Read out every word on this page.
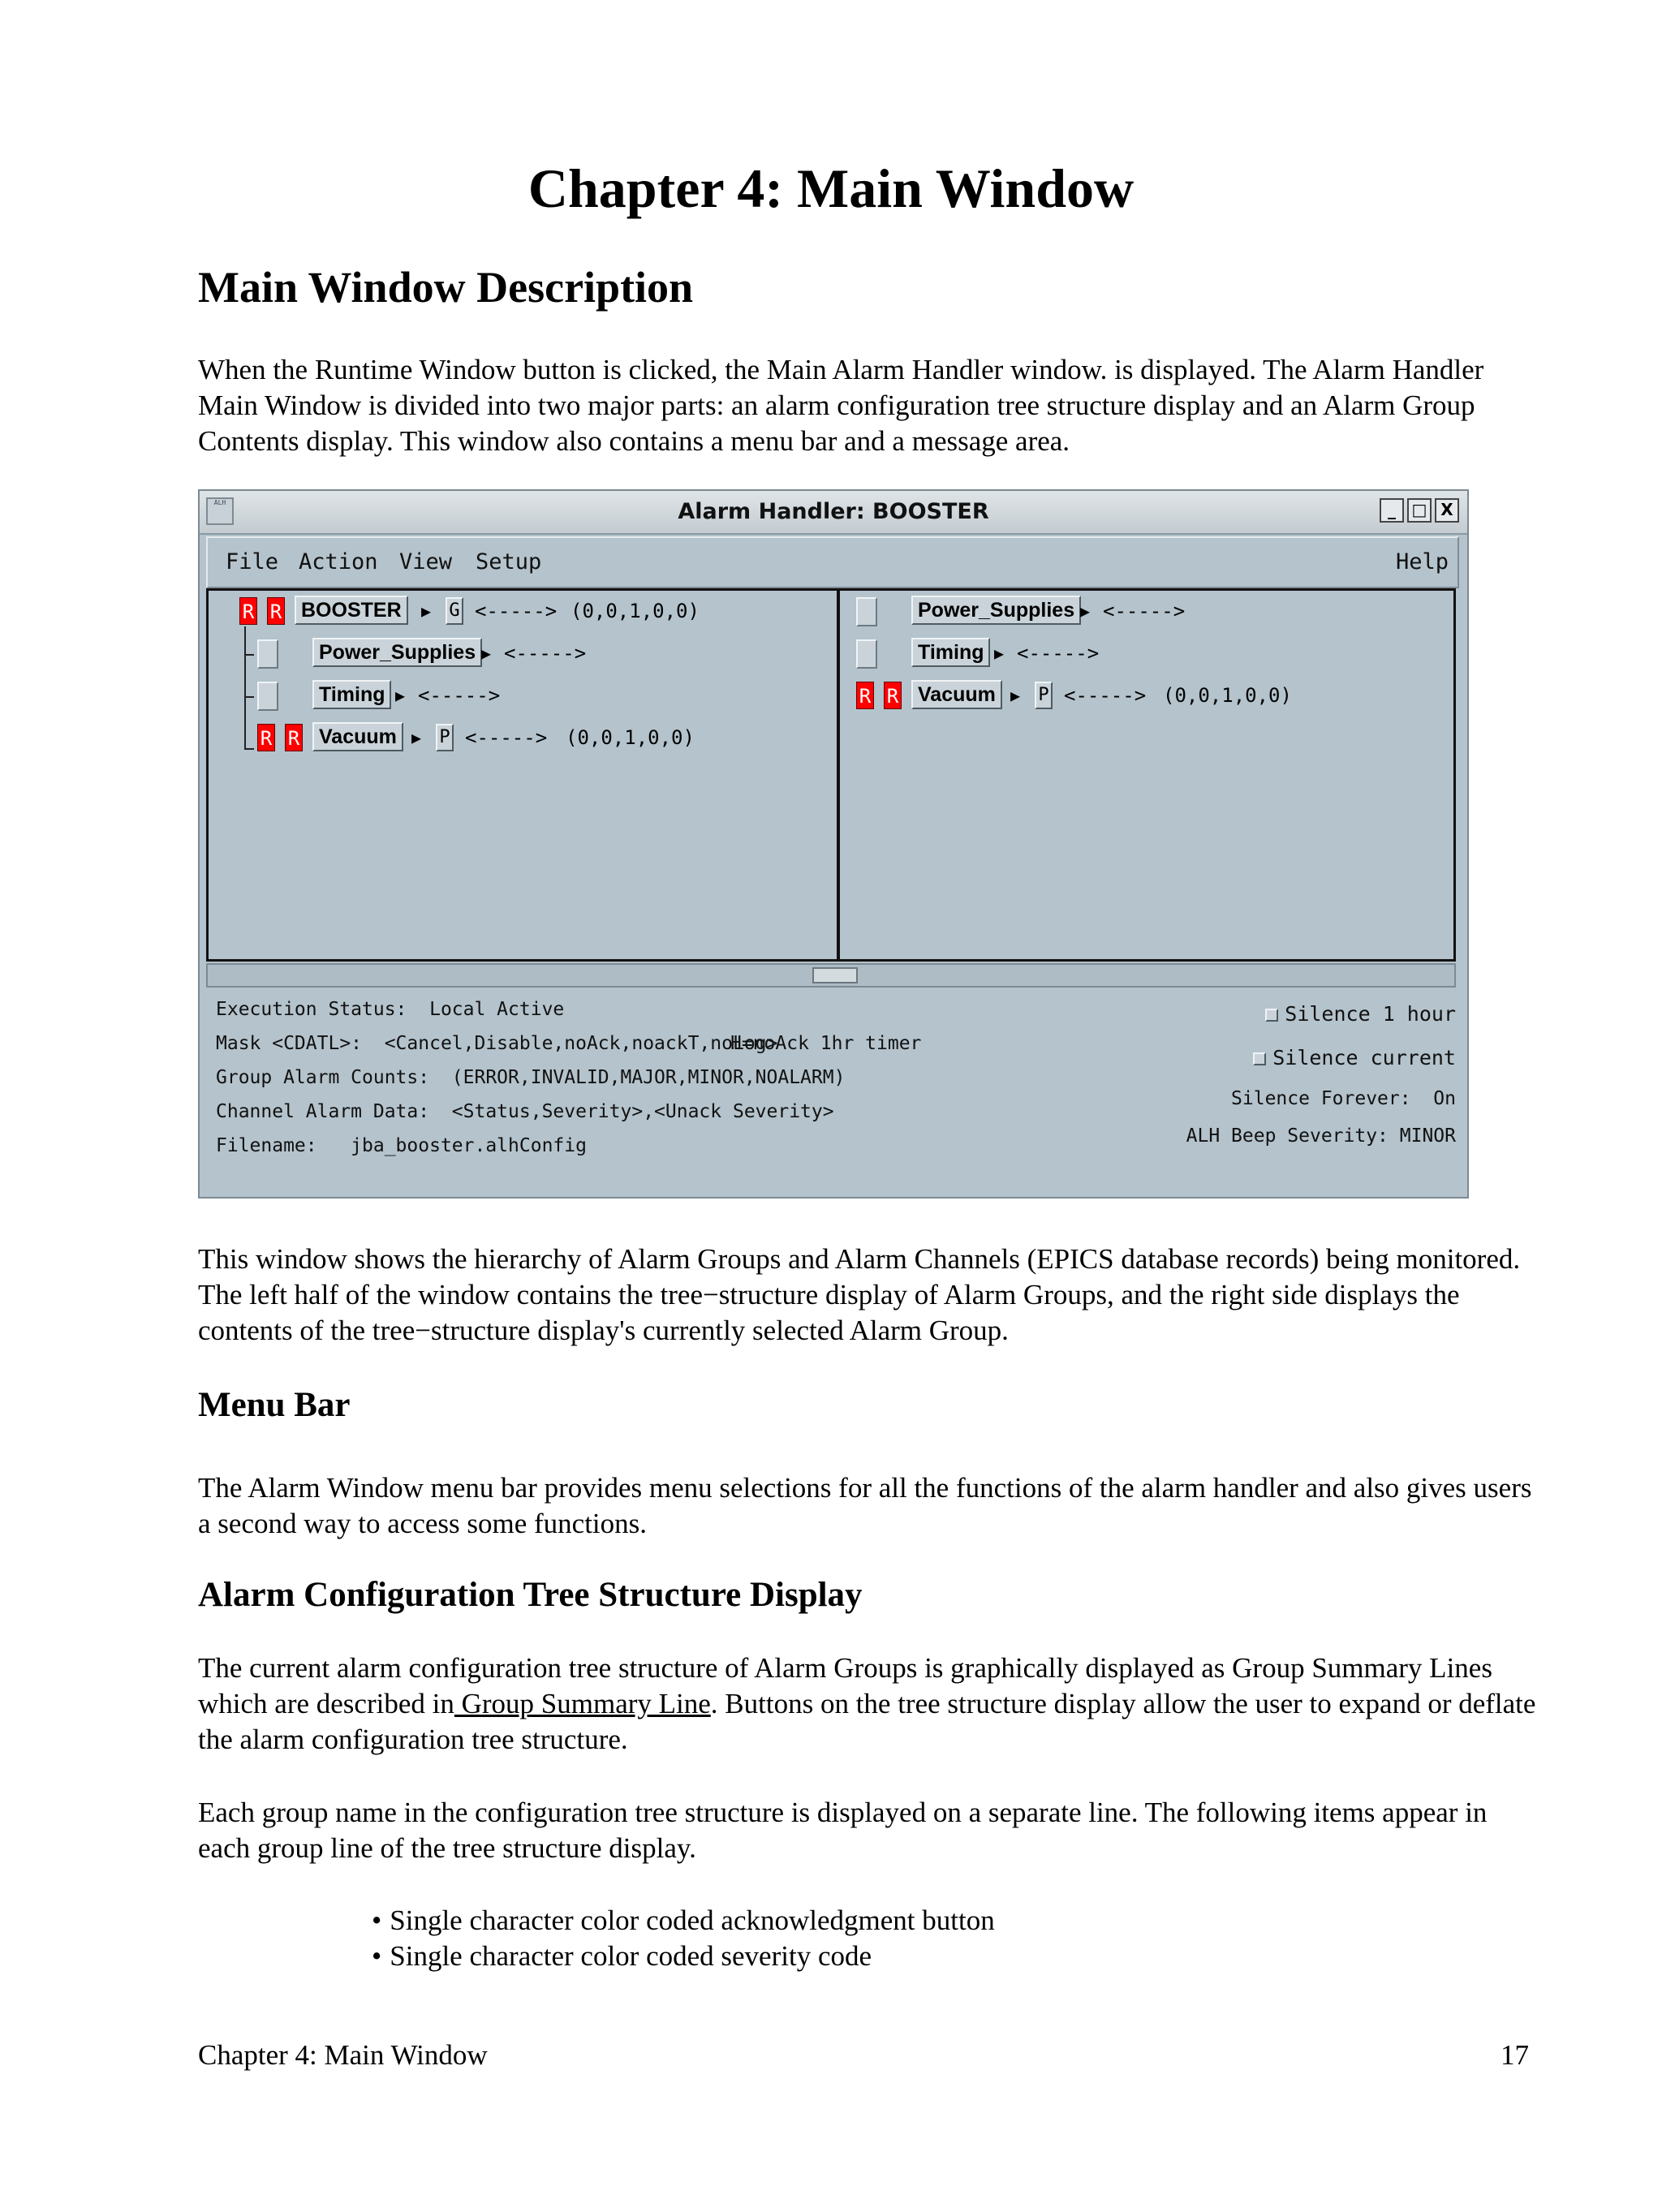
Chapter 4: Main Window
Main Window Description

When the Runtime Window button is clicked, the Main Alarm Handler window. is displayed. The Alarm Handler Main Window is divided into two major parts: an alarm configuration tree structure display and an Alarm Group Contents display. This window also contains a menu bar and a message area.

ALH	Alarm Handler: BOOSTER	_ □ X
File Action View Setup	Help
R R BOOSTER	▶ G <-----> (0,0,1,0,0)
Power_Supplies ▶ <----->
Timing ▶ <----->
R R Vacuum ▶ P <-----> (0,0,1,0,0)
Power_Supplies ▶ <----->
Timing ▶ <----->
R R Vacuum ▶ P <-----> (0,0,1,0,0)
Execution Status:  Local Active
Mask <CDATL>:  <Cancel,Disable,noAck,noackT,noLog>
H=noAck 1hr timer
Group Alarm Counts:  (ERROR,INVALID,MAJOR,MINOR,NOALARM)
Channel Alarm Data:  <Status,Severity>,<Unack Severity>
Filename:   jba_booster.alhConfig
Silence 1 hour
Silence current
Silence Forever:  On
ALH Beep Severity: MINOR

This window shows the hierarchy of Alarm Groups and Alarm Channels (EPICS database records) being monitored. The left half of the window contains the tree−structure display of Alarm Groups, and the right side displays the contents of the tree−structure display's currently selected Alarm Group.

Menu Bar

The Alarm Window menu bar provides menu selections for all the functions of the alarm handler and also gives users a second way to access some functions.

Alarm Configuration Tree Structure Display

The current alarm configuration tree structure of Alarm Groups is graphically displayed as Group Summary Lines which are described in Group Summary Line. Buttons on the tree structure display allow the user to expand or deflate the alarm configuration tree structure.

Each group name in the configuration tree structure is displayed on a separate line. The following items appear in each group line of the tree structure display.

• Single character color coded acknowledgment button
• Single character color coded severity code
Chapter 4: Main Window	17
